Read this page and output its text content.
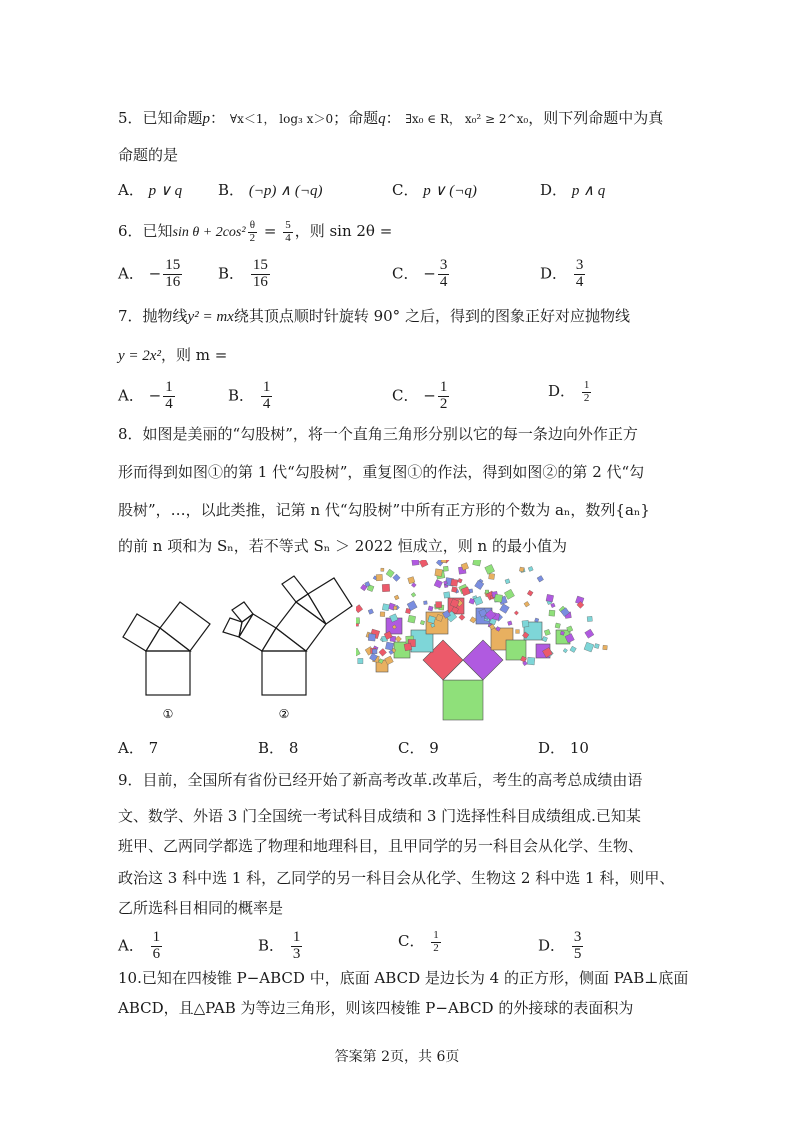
5．已知命题p： ∀x＜1， log₃ x＞0；命题q： ∃x₀ ∈ R， x₀² ≥ 2^x₀，则下列命题中为真
命题的是
A． p ∨ q B． (¬p) ∧ (¬q)	C． p ∨ (¬q)	D． p ∧ q
6．已知$\sin \theta + 2\cos^2 \frac{\theta}{2} = \frac{5}{4}$ ，则 sin 2θ =
A． − $\frac{15}{16}$ B． $\frac{15}{16}$	C． − $\frac{3}{4}$	D． $\frac{3}{4}$
7．抛物线y² = mx绕其顶点顺时针旋转 90° 之后，得到的图象正好对应抛物线
y = 2x²，则 m =
A． − $\frac{1}{4}$	B． $\frac{1}{4}$	C． − $\frac{1}{2}$	D． $\frac{1}{2}$
8．如图是美丽的“勾股树”，将一个直角三角形分别以它的每一条边向外作正方
形而得到如图①的第 1 代“勾股树”，重复图①的作法，得到如图②的第 2 代“勾
股树”，…，以此类推，记第 n 代“勾股树”中所有正方形的个数为 aₙ，数列{aₙ}
的前 n 项和为 Sₙ，若不等式 Sₙ ＞ 2022 恒成立，则 n 的最小值为
①	②
A． 7	B． 8	C． 9	D． 10
9．目前，全国所有省份已经开始了新高考改革.改革后，考生的高考总成绩由语
文、数学、外语 3 门全国统一考试科目成绩和 3 门选择性科目成绩组成.已知某
班甲、乙两同学都选了物理和地理科目，且甲同学的另一科目会从化学、生物、
政治这 3 科中选 1 科，乙同学的另一科目会从化学、生物这 2 科中选 1 科，则甲、
乙所选科目相同的概率是
A． $\frac{1}{6}$	B． $\frac{1}{3}$	C． $\frac{1}{2}$	D． $\frac{3}{5}$
10.已知在四棱锥 P−ABCD 中，底面 ABCD 是边长为 4 的正方形，侧面 PAB⊥底面
ABCD，且△PAB 为等边三角形，则该四棱锥 P−ABCD 的外接球的表面积为
答案第 2页，共 6页
